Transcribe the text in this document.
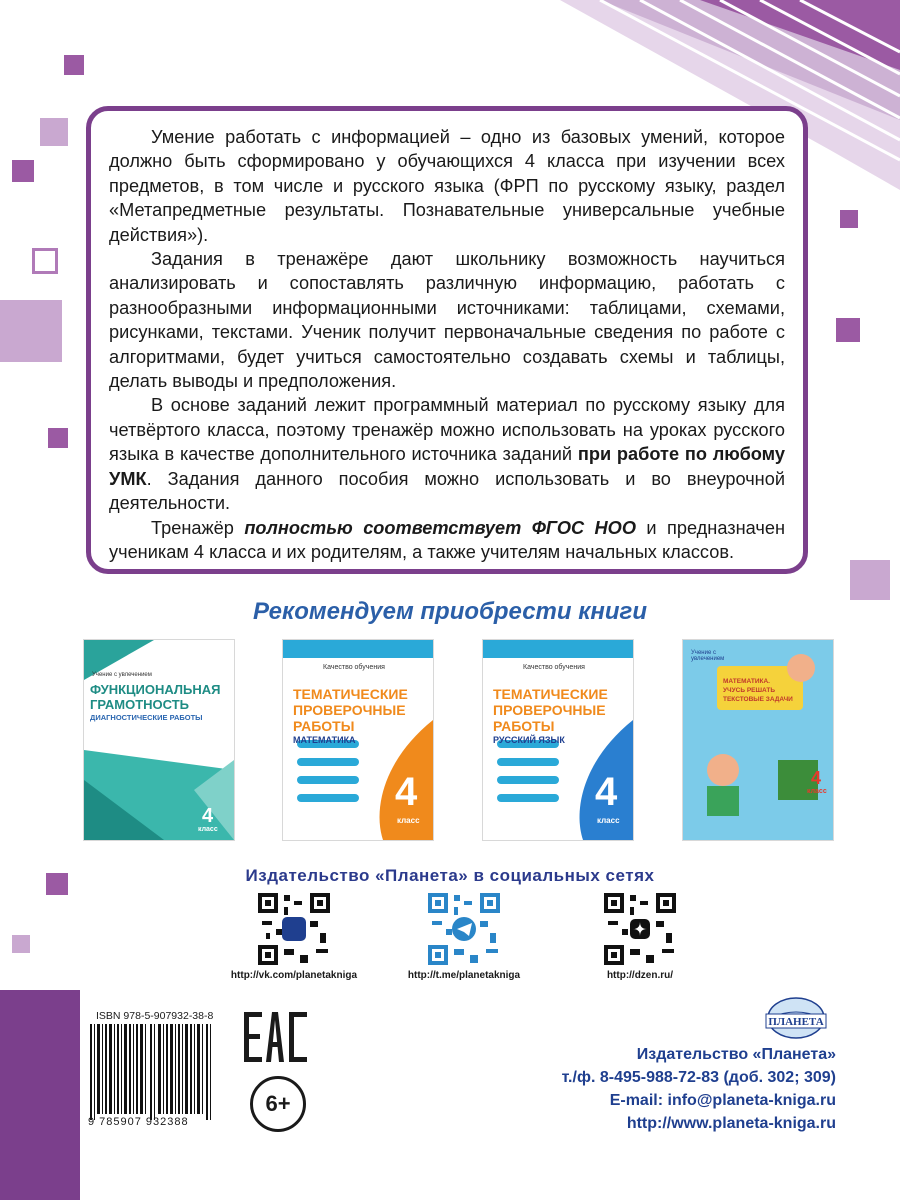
Умение работать с информацией – одно из базовых умений, которое должно быть сформировано у обучающихся 4 класса при изучении всех предметов, в том числе и русского языка (ФРП по русскому языку, раздел «Метапредметные результаты. Познавательные универсальные учебные действия»).

Задания в тренажёре дают школьнику возможность научиться анализировать и сопоставлять различную информацию, работать с разнообразными информационными источниками: таблицами, схемами, рисунками, текстами. Ученик получит первоначальные сведения по работе с алгоритмами, будет учиться самостоятельно создавать схемы и таблицы, делать выводы и предположения.

В основе заданий лежит программный материал по русскому языку для четвёртого класса, поэтому тренажёр можно использовать на уроках русского языка в качестве дополнительного источника заданий при работе по любому УМК. Задания данного пособия можно использовать и во внеурочной деятельности.

Тренажёр полностью соответствует ФГОС НОО и предназначен ученикам 4 класса и их родителям, а также учителям начальных классов.

Рекомендуем приобрести книги
Учение с увлечением
ФУНКЦИОНАЛЬНАЯ
ГРАМОТНОСТЬ
ДИАГНОСТИЧЕСКИЕ РАБОТЫ
4
класс
Качество обучения
ТЕМАТИЧЕСКИЕ
ПРОВЕРОЧНЫЕ
РАБОТЫ
МАТЕМАТИКА
4
класс
Качество обучения
ТЕМАТИЧЕСКИЕ
ПРОВЕРОЧНЫЕ
РАБОТЫ
РУССКИЙ ЯЗЫК
4
класс
Учение с увлечением
МАТЕМАТИКА.
УЧУСЬ РЕШАТЬ
ТЕКСТОВЫЕ ЗАДАЧИ
4
класс
Издательство «Планета» в социальных сетях
http://vk.com/planetakniga	http://t.me/planetakniga	http://dzen.ru/
ISBN 978-5-907932-38-8
9 785907 932388
EAC
6+
ПЛАНЕТА
Издательство «Планета»
т./ф. 8-495-988-72-83 (доб. 302; 309)
E-mail: info@planeta-kniga.ru
http://www.planeta-kniga.ru
